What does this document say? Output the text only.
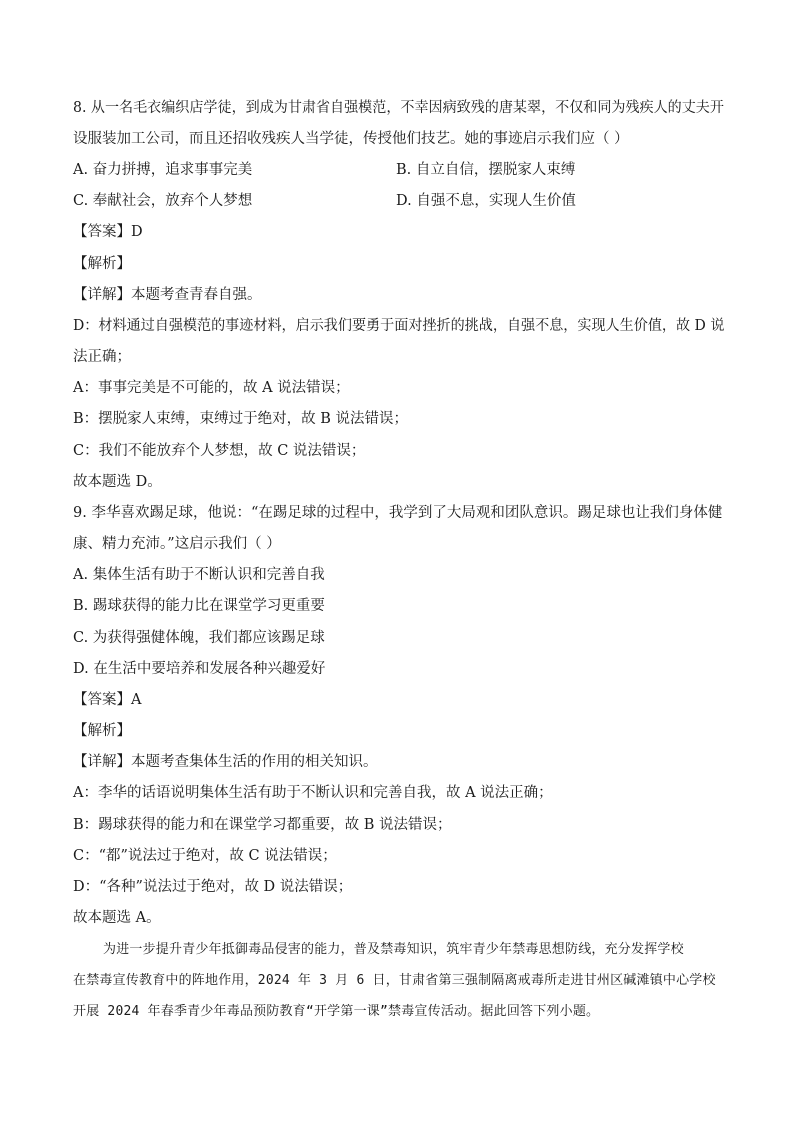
8. 从一名毛衣编织店学徒，到成为甘肃省自强模范，不幸因病致残的唐某翠，不仅和同为残疾人的丈夫开
设服装加工公司，而且还招收残疾人当学徒，传授他们技艺。她的事迹启示我们应（ ）
A. 奋力拼搏，追求事事完美	B. 自立自信，摆脱家人束缚
C. 奉献社会，放弃个人梦想	D. 自强不息，实现人生价值
【答案】D
【解析】
【详解】本题考查青春自强。
D：材料通过自强模范的事迹材料，启示我们要勇于面对挫折的挑战，自强不息，实现人生价值，故 D 说
法正确；
A：事事完美是不可能的，故 A 说法错误；
B：摆脱家人束缚，束缚过于绝对，故 B 说法错误；
C：我们不能放弃个人梦想，故 C 说法错误；
故本题选 D。
9. 李华喜欢踢足球，他说：“在踢足球的过程中，我学到了大局观和团队意识。踢足球也让我们身体健
康、精力充沛。”这启示我们（ ）
A. 集体生活有助于不断认识和完善自我
B. 踢球获得的能力比在课堂学习更重要
C. 为获得强健体魄，我们都应该踢足球
D. 在生活中要培养和发展各种兴趣爱好
【答案】A
【解析】
【详解】本题考查集体生活的作用的相关知识。
A：李华的话语说明集体生活有助于不断认识和完善自我，故 A 说法正确；
B：踢球获得的能力和在课堂学习都重要，故 B 说法错误；
C：“都”说法过于绝对，故 C 说法错误；
D：“各种”说法过于绝对，故 D 说法错误；
故本题选 A。
为进一步提升青少年抵御毒品侵害的能力，普及禁毒知识，筑牢青少年禁毒思想防线，充分发挥学校
在禁毒宣传教育中的阵地作用，2024 年 3 月 6 日，甘肃省第三强制隔离戒毒所走进甘州区碱滩镇中心学校
开展 2024 年春季青少年毒品预防教育“开学第一课”禁毒宣传活动。据此回答下列小题。
